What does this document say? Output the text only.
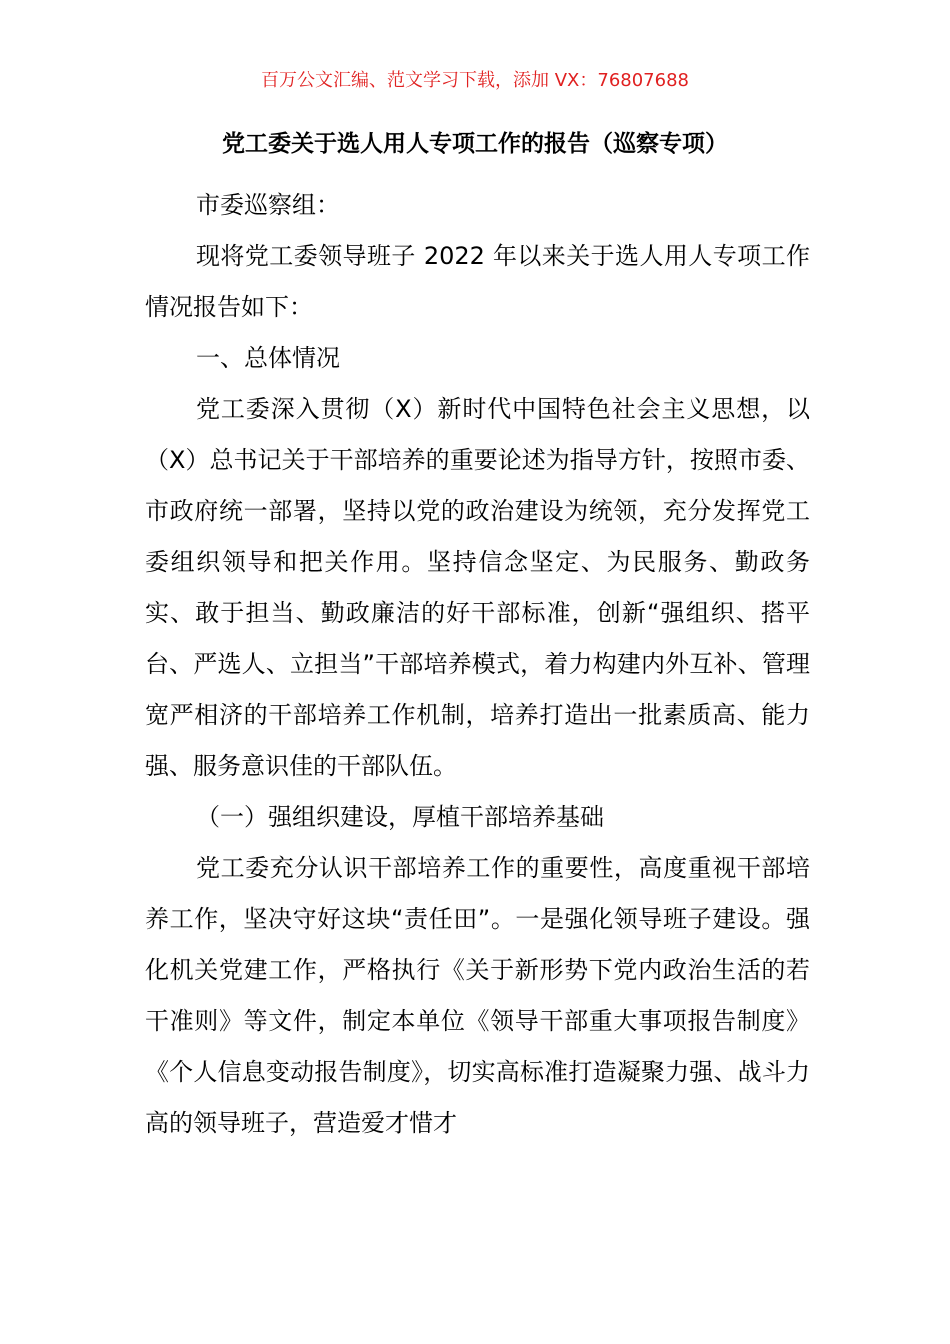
百万公文汇编、范文学习下载，添加 VX：76807688
党工委关于选人用人专项工作的报告（巡察专项）

市委巡察组：

现将党工委领导班子 2022 年以来关于选人用人专项工作情况报告如下：

一、总体情况

党工委深入贯彻（X）新时代中国特色社会主义思想，以（X）总书记关于干部培养的重要论述为指导方针，按照市委、市政府统一部署，坚持以党的政治建设为统领，充分发挥党工委组织领导和把关作用。坚持信念坚定、为民服务、勤政务实、敢于担当、勤政廉洁的好干部标准，创新“强组织、搭平台、严选人、立担当”干部培养模式，着力构建内外互补、管理宽严相济的干部培养工作机制，培养打造出一批素质高、能力强、服务意识佳的干部队伍。

（一）强组织建设，厚植干部培养基础

党工委充分认识干部培养工作的重要性，高度重视干部培养工作，坚决守好这块“责任田”。一是强化领导班子建设。强化机关党建工作，严格执行《关于新形势下党内政治生活的若干准则》等文件，制定本单位《领导干部重大事项报告制度》《个人信息变动报告制度》，切实高标准打造凝聚力强、战斗力高的领导班子，营造爱才惜才
